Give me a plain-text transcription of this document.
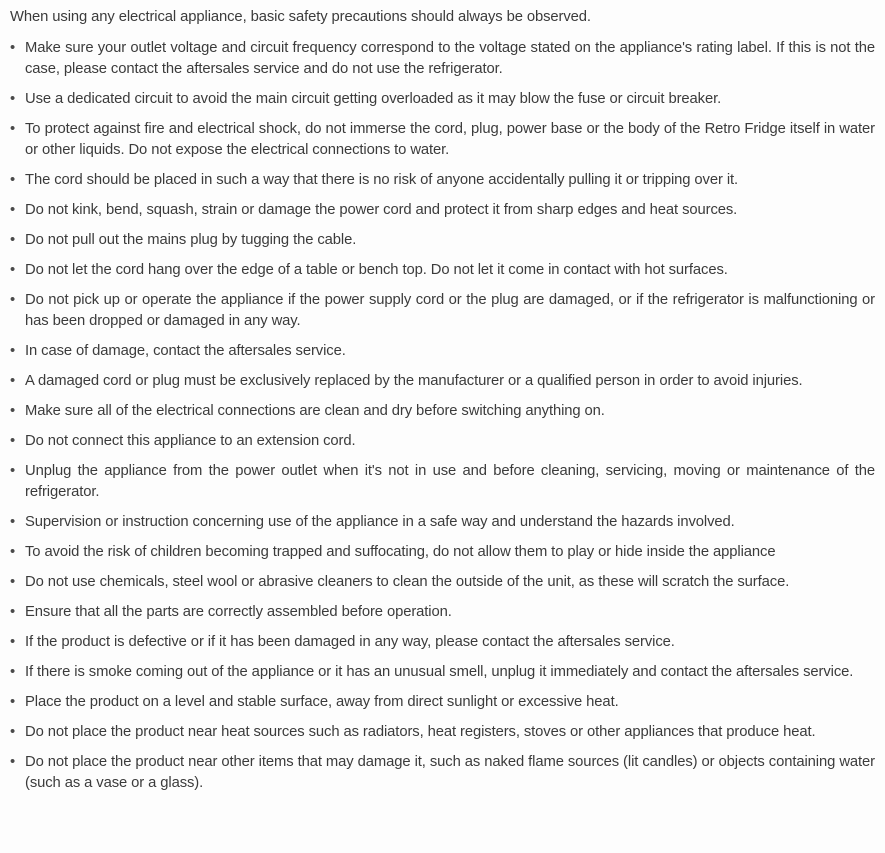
When using any electrical appliance, basic safety precautions should always be observed.

• Make sure your outlet voltage and circuit frequency correspond to the voltage stated on the appliance's rating label. If this is not the case, please contact the aftersales service and do not use the refrigerator.
• Use a dedicated circuit to avoid the main circuit getting overloaded as it may blow the fuse or circuit breaker.
• To protect against fire and electrical shock, do not immerse the cord, plug, power base or the body of the Retro Fridge itself in water or other liquids. Do not expose the electrical connections to water.
• The cord should be placed in such a way that there is no risk of anyone accidentally pulling it or tripping over it.
• Do not kink, bend, squash, strain or damage the power cord and protect it from sharp edges and heat sources.
• Do not pull out the mains plug by tugging the cable.
• Do not let the cord hang over the edge of a table or bench top. Do not let it come in contact with hot surfaces.
• Do not pick up or operate the appliance if the power supply cord or the plug are damaged, or if the refrigerator is malfunctioning or has been dropped or damaged in any way.
• In case of damage, contact the aftersales service.
• A damaged cord or plug must be exclusively replaced by the manufacturer or a qualified person in order to avoid injuries.
• Make sure all of the electrical connections are clean and dry before switching anything on.
• Do not connect this appliance to an extension cord.
• Unplug the appliance from the power outlet when it's not in use and before cleaning, servicing, moving or maintenance of the refrigerator.
• Supervision or instruction concerning use of the appliance in a safe way and understand the hazards involved.
• To avoid the risk of children becoming trapped and suffocating, do not allow them to play or hide inside the appliance
• Do not use chemicals, steel wool or abrasive cleaners to clean the outside of the unit, as these will scratch the surface.
• Ensure that all the parts are correctly assembled before operation.
• If the product is defective or if it has been damaged in any way, please contact the aftersales service.
• If there is smoke coming out of the appliance or it has an unusual smell, unplug it immediately and contact the aftersales service.
• Place the product on a level and stable surface, away from direct sunlight or excessive heat.
• Do not place the product near heat sources such as radiators, heat registers, stoves or other appliances that produce heat.
• Do not place the product near other items that may damage it, such as naked flame sources (lit candles) or objects containing water (such as a vase or a glass).
